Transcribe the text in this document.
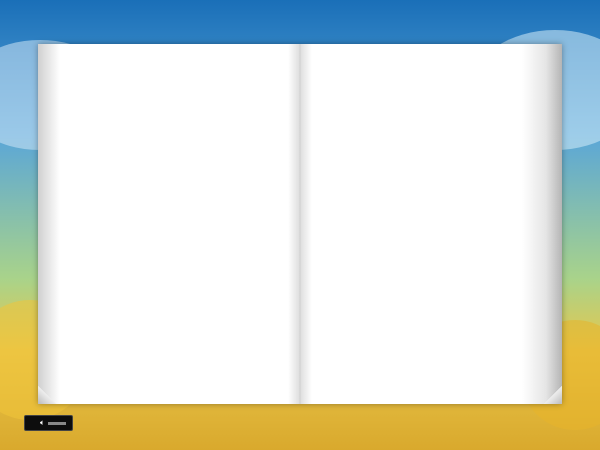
🔈︎
